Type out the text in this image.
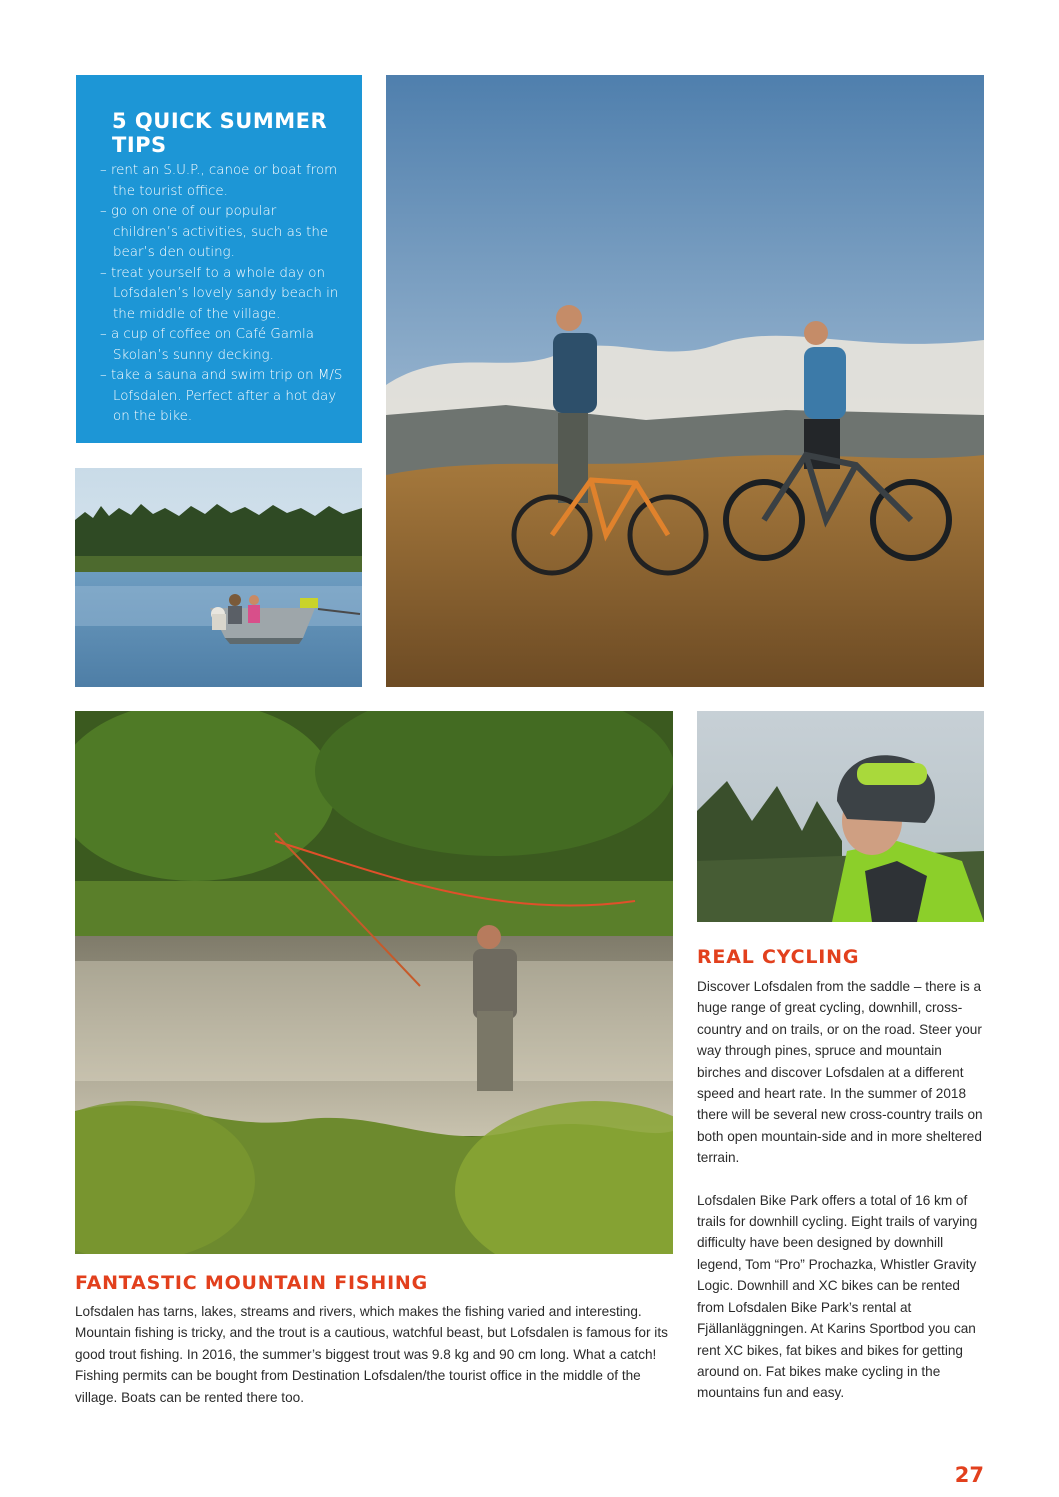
5 QUICK SUMMER TIPS
– rent an S.U.P., canoe or boat from the tourist office.
– go on one of our popular children’s activities, such as the bear’s den outing.
– treat yourself to a whole day on Lofsdalen’s lovely sandy beach in the middle of the village.
– a cup of coffee on Café Gamla Skolan’s sunny decking.
– take a sauna and swim trip on M/S Lofsdalen. Perfect after a hot day on the bike.
FANTASTIC MOUNTAIN FISHING

Lofsdalen has tarns, lakes, streams and rivers, which makes the fishing varied and interesting. Mountain fishing is tricky, and the trout is a cautious, watchful beast, but Lofsdalen is famous for its good trout fishing. In 2016, the summer’s biggest trout was 9.8 kg and 90 cm long. What a catch! Fishing permits can be bought from Destination Lofsdalen/the tourist office in the middle of the village. Boats can be rented there too.

REAL CYCLING

Discover Lofsdalen from the saddle – there is a huge range of great cycling, downhill, cross-country and on trails, or on the road. Steer your way through pines, spruce and mountain birches and discover Lofsdalen at a different speed and heart rate. In the summer of 2018 there will be several new cross-country trails on both open mountain-side and in more sheltered terrain.

Lofsdalen Bike Park offers a total of 16 km of trails for downhill cycling. Eight trails of varying difficulty have been designed by downhill legend, Tom “Pro” Prochazka, Whistler Gravity Logic. Downhill and XC bikes can be rented from Lofsdalen Bike Park’s rental at Fjällanläggningen. At Karins Sportbod you can rent XC bikes, fat bikes and bikes for getting around on. Fat bikes make cycling in the mountains fun and easy.

27
